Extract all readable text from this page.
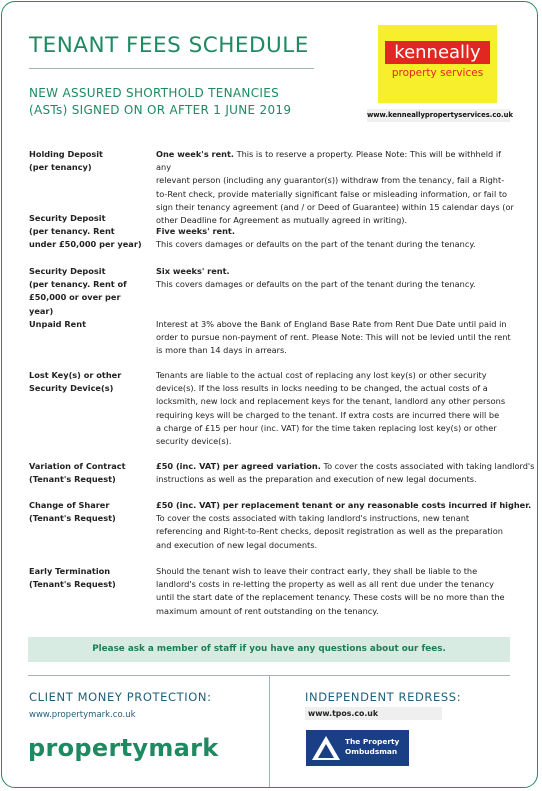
TENANT FEES SCHEDULE
NEW ASSURED SHORTHOLD TENANCIES
(ASTs) SIGNED ON OR AFTER 1 JUNE 2019
kenneally
property services
www.kenneallypropertyservices.co.uk
Holding Deposit
(per tenancy)
One week's rent. This is to reserve a property. Please Note: This will be withheld if any
relevant person (including any guarantor(s)) withdraw from the tenancy, fail a Right-
to-Rent check, provide materially significant false or misleading information, or fail to
sign their tenancy agreement (and / or Deed of Guarantee) within 15 calendar days (or
other Deadline for Agreement as mutually agreed in writing).
Security Deposit
(per tenancy. Rent
under £50,000 per year)
Five weeks' rent.
This covers damages or defaults on the part of the tenant during the tenancy.
Security Deposit
(per tenancy. Rent of
£50,000 or over per year)
Six weeks' rent.
This covers damages or defaults on the part of the tenant during the tenancy.
Unpaid Rent	Interest at 3% above the Bank of England Base Rate from Rent Due Date until paid in
order to pursue non-payment of rent. Please Note: This will not be levied until the rent
is more than 14 days in arrears.
Lost Key(s) or other
Security Device(s)
Tenants are liable to the actual cost of replacing any lost key(s) or other security
device(s). If the loss results in locks needing to be changed, the actual costs of a
locksmith, new lock and replacement keys for the tenant, landlord any other persons
requiring keys will be charged to the tenant. If extra costs are incurred there will be
a charge of £15 per hour (inc. VAT) for the time taken replacing lost key(s) or other
security device(s).
Variation of Contract
(Tenant's Request)
£50 (inc. VAT) per agreed variation. To cover the costs associated with taking landlord's
instructions as well as the preparation and execution of new legal documents.
Change of Sharer
(Tenant's Request)
£50 (inc. VAT) per replacement tenant or any reasonable costs incurred if higher.
To cover the costs associated with taking landlord's instructions, new tenant
referencing and Right-to-Rent checks, deposit registration as well as the preparation
and execution of new legal documents.
Early Termination
(Tenant's Request)
Should the tenant wish to leave their contract early, they shall be liable to the
landlord's costs in re-letting the property as well as all rent due under the tenancy
until the start date of the replacement tenancy. These costs will be no more than the
maximum amount of rent outstanding on the tenancy.
Please ask a member of staff if you have any questions about our fees.
CLIENT MONEY PROTECTION:
www.propertymark.co.uk
propertymark
INDEPENDENT REDRESS:
www.tpos.co.uk
The Property
Ombudsman
